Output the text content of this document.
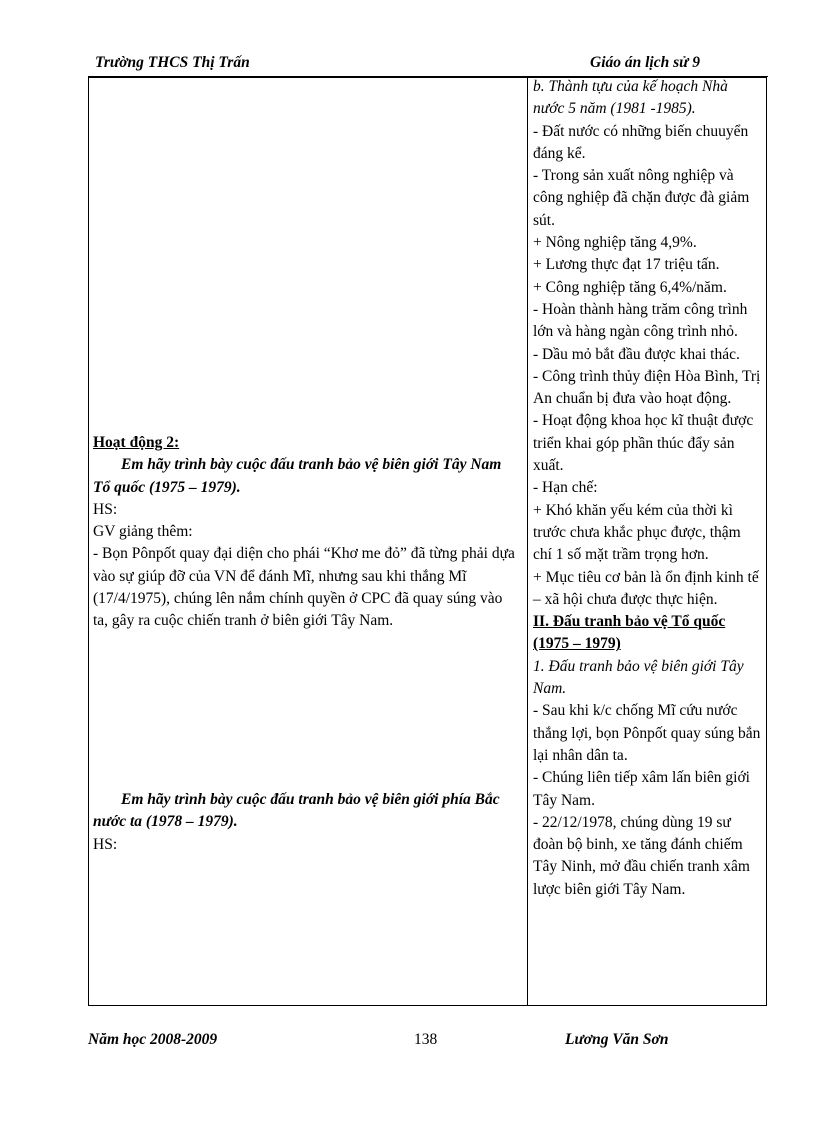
Trường THCS Thị Trấn	Giáo án lịch sử 9

Hoạt động 2:

Em hãy trình bày cuộc đấu tranh bảo vệ biên giới Tây Nam Tổ quốc (1975 – 1979).

HS:

GV giảng thêm:

- Bọn Pônpốt quay đại diện cho phái “Khơ me đỏ” đã từng phải dựa vào sự giúp đỡ của VN để đánh Mĩ, nhưng sau khi thắng Mĩ (17/4/1975), chúng lên nắm chính quyền ở CPC đã quay súng vào ta, gây ra cuộc chiến tranh ở biên giới Tây Nam.

Em hãy trình bày cuộc đấu tranh bảo vệ biên giới phía Bắc nước ta (1978 – 1979).

HS:

b. Thành tựu của kế hoạch Nhà nước 5 năm (1981 -1985).

- Đất nước có những biến chuuyển đáng kể.

- Trong sản xuất nông nghiệp và công nghiệp đã chặn được đà giảm sút.

+ Nông nghiệp tăng 4,9%.

+ Lương thực đạt 17 triệu tấn.

+ Công nghiệp tăng 6,4%/năm.

- Hoàn thành hàng trăm công trình lớn và hàng ngàn công trình nhỏ.

- Dầu mỏ bắt đầu được khai thác.

- Công trình thủy điện Hòa Bình, Trị An chuẩn bị đưa vào hoạt động.

- Hoạt động khoa học kĩ thuật được triển khai góp phần thúc đẩy sản xuất.

- Hạn chế:

+ Khó khăn yếu kém của thời kì trước chưa khắc phục được, thậm chí 1 số mặt trầm trọng hơn.

+ Mục tiêu cơ bản là ổn định kinh tế – xã hội chưa được thực hiện.

II. Đấu tranh bảo vệ Tổ quốc (1975 – 1979)

1. Đấu tranh bảo vệ biên giới Tây Nam.

- Sau khi k/c chống Mĩ cứu nước thắng lợi, bọn Pônpốt quay súng bắn lại nhân dân ta.

- Chúng liên tiếp xâm lấn biên giới Tây Nam.

- 22/12/1978, chúng dùng 19 sư đoàn bộ binh, xe tăng đánh chiếm Tây Ninh, mở đầu chiến tranh xâm lược biên giới Tây Nam.

Năm học 2008-2009	138	Lương Văn Sơn
